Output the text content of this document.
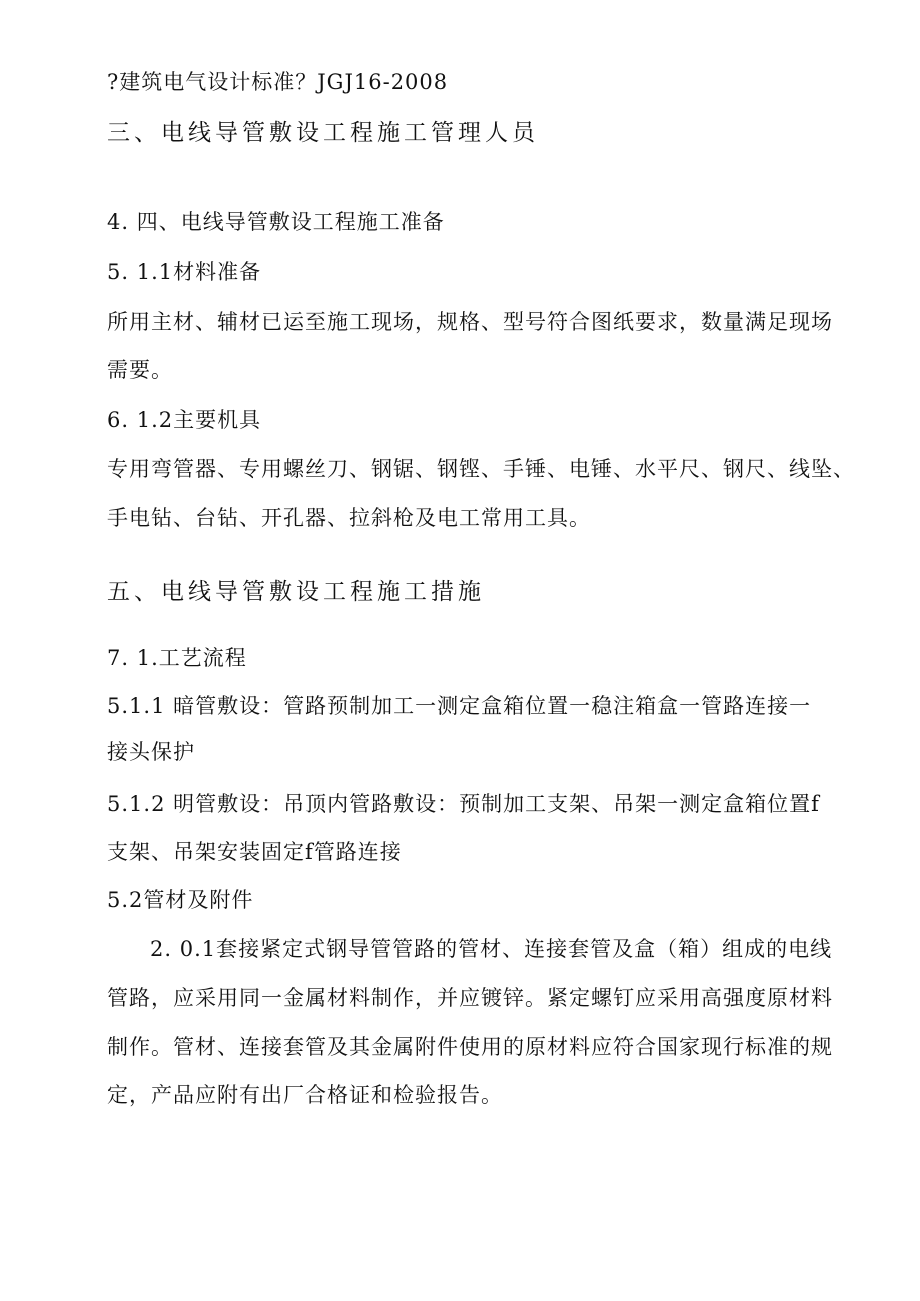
?建筑电气设计标准？JGJ16-2008
三、电线导管敷设工程施工管理人员
4. 四、电线导管敷设工程施工准备
5. 1.1材料准备
所用主材、辅材已运至施工现场，规格、型号符合图纸要求，数量满足现场
需要。
6. 1.2主要机具
专用弯管器、专用螺丝刀、钢锯、钢铿、手锤、电锤、水平尺、钢尺、线坠、
手电钻、台钻、开孔器、拉斜枪及电工常用工具。
五、电线导管敷设工程施工措施
7. 1.工艺流程
5.1.1 暗管敷设：管路预制加工一测定盒箱位置一稳注箱盒一管路连接一
接头保护
5.1.2 明管敷设：吊顶内管路敷设：预制加工支架、吊架一测定盒箱位置f
支架、吊架安装固定f管路连接
5.2管材及附件
2. 0.1套接紧定式钢导管管路的管材、连接套管及盒（箱）组成的电线
管路，应采用同一金属材料制作，并应镀锌。紧定螺钉应采用高强度原材料
制作。管材、连接套管及其金属附件使用的原材料应符合国家现行标准的规
定，产品应附有出厂合格证和检验报告。
